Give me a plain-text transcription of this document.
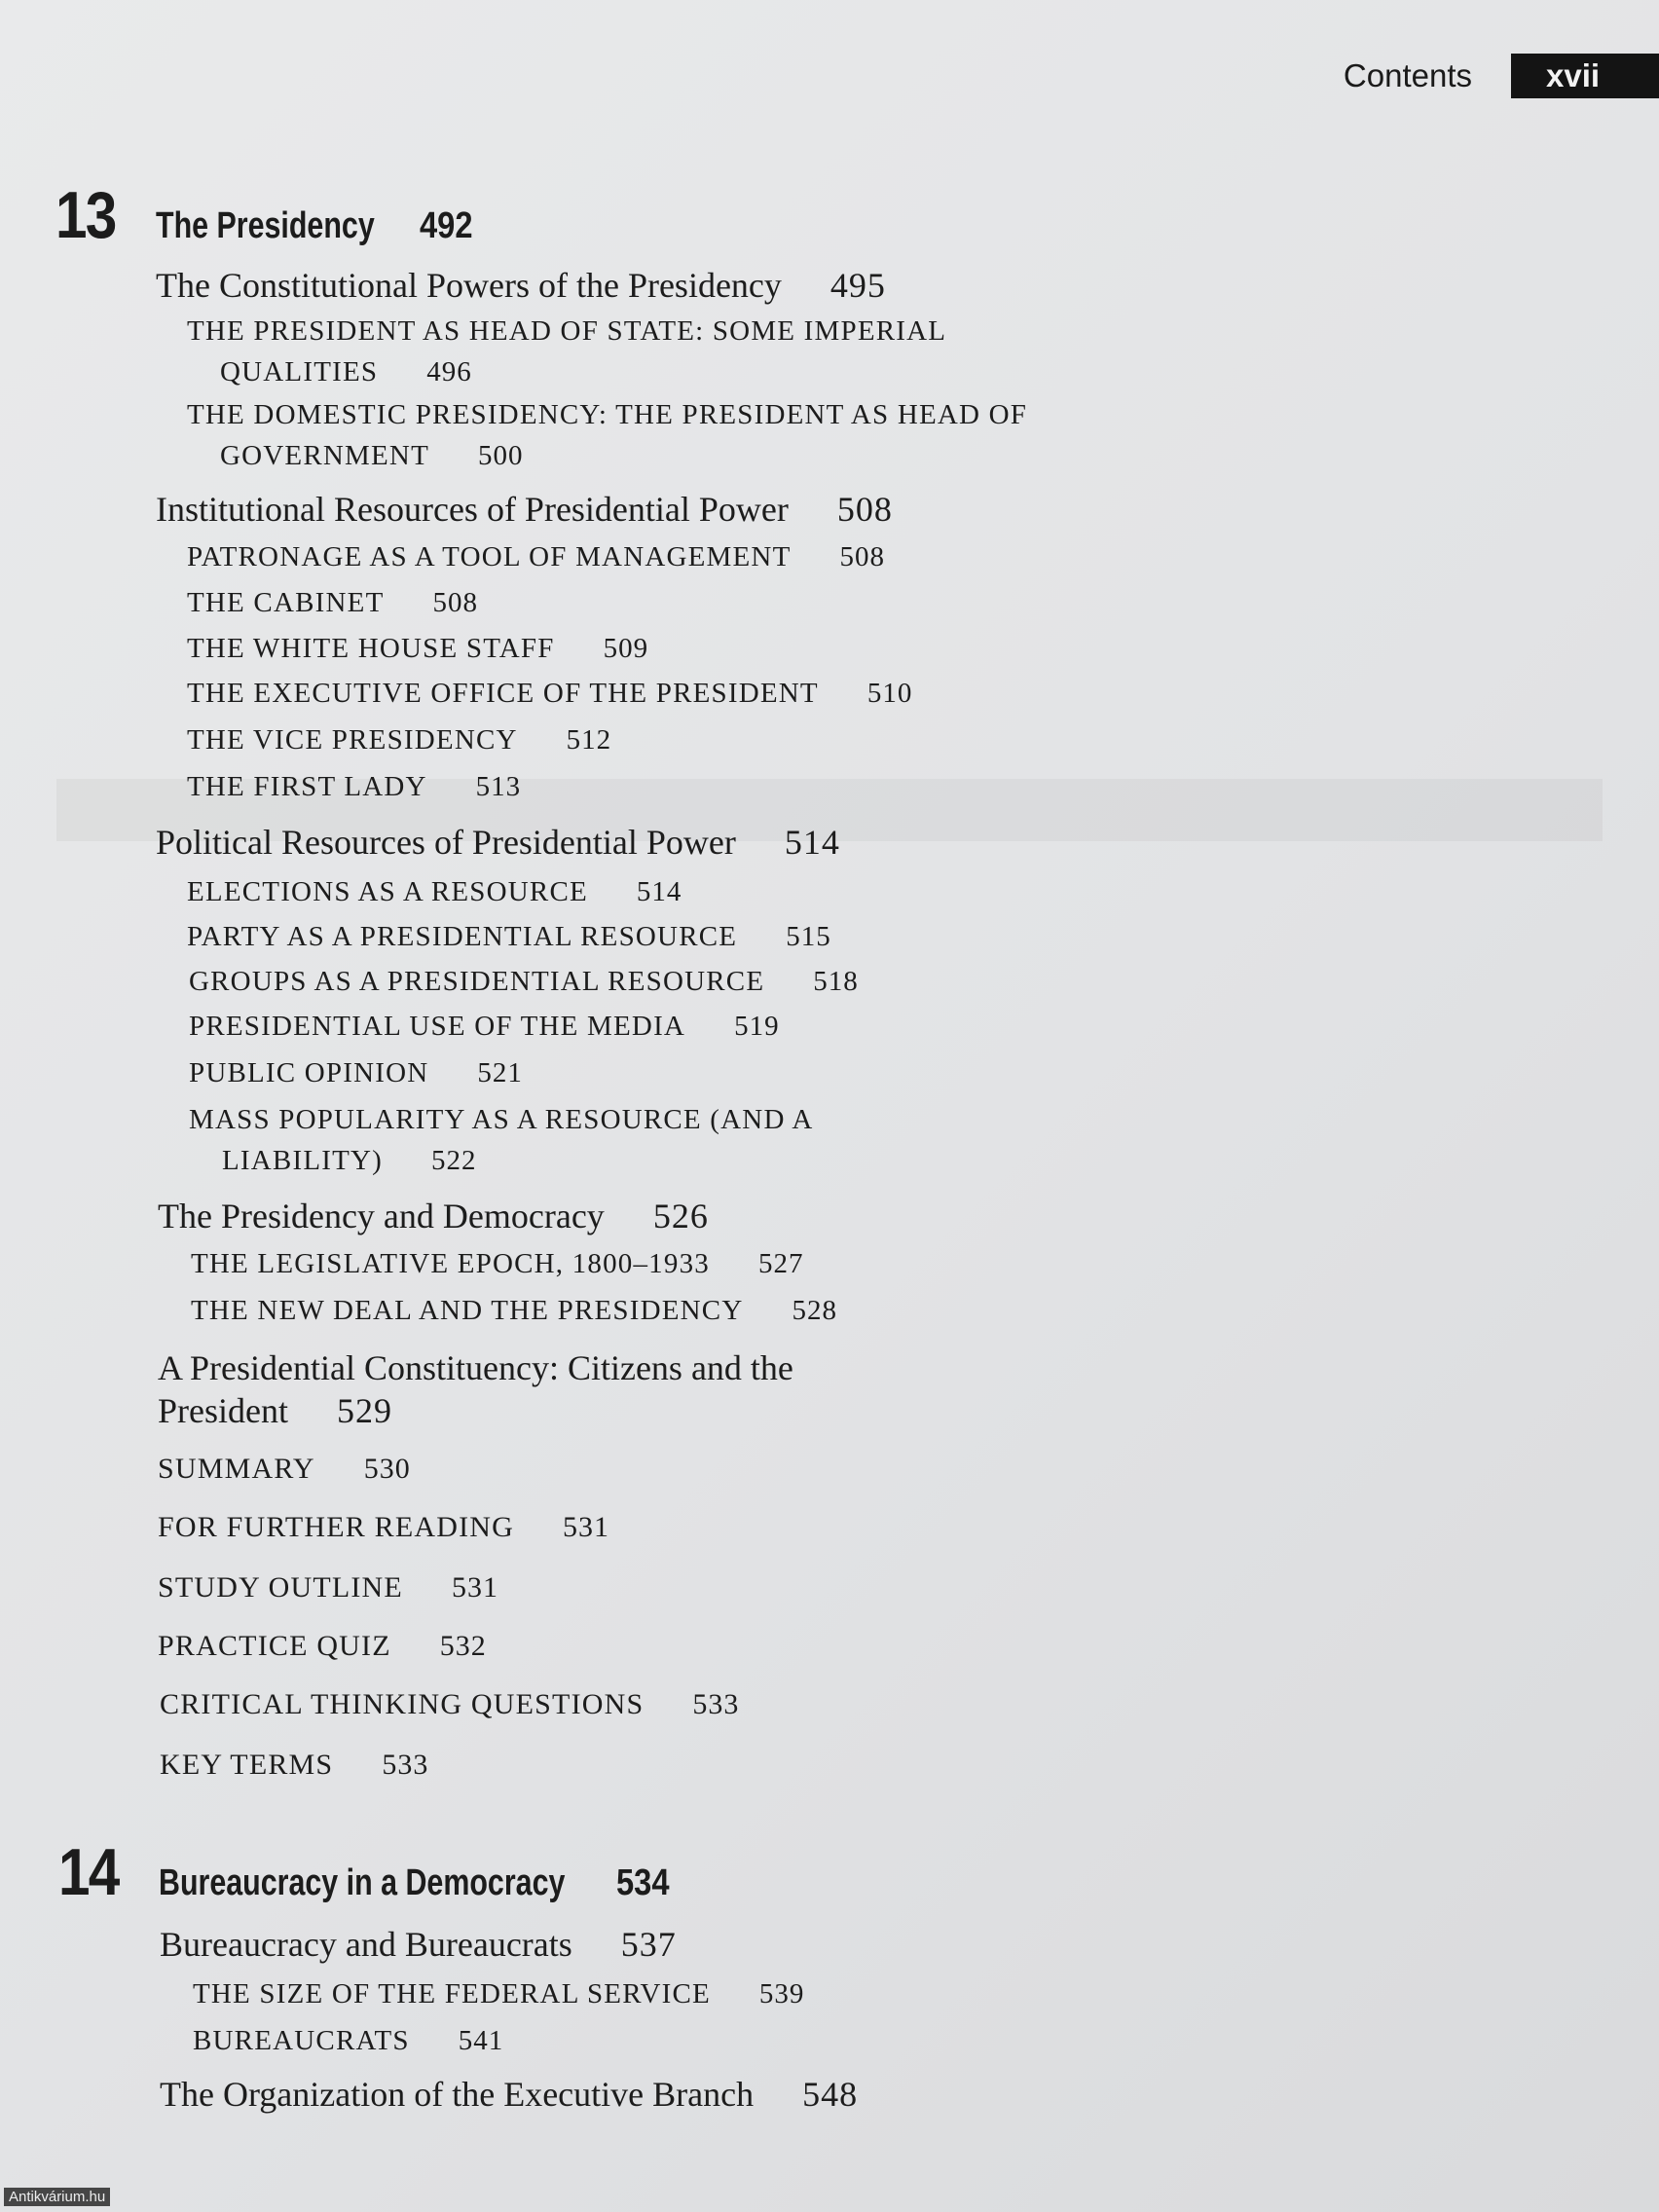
Contents	xvii
13	The Presidency 492
The Constitutional Powers of the Presidency 495
THE PRESIDENT AS HEAD OF STATE: SOME IMPERIAL
QUALITIES 496
THE DOMESTIC PRESIDENCY: THE PRESIDENT AS HEAD OF
GOVERNMENT 500
Institutional Resources of Presidential Power 508
PATRONAGE AS A TOOL OF MANAGEMENT 508
THE CABINET 508
THE WHITE HOUSE STAFF 509
THE EXECUTIVE OFFICE OF THE PRESIDENT 510
THE VICE PRESIDENCY 512
THE FIRST LADY 513
Political Resources of Presidential Power 514
ELECTIONS AS A RESOURCE 514
PARTY AS A PRESIDENTIAL RESOURCE 515
GROUPS AS A PRESIDENTIAL RESOURCE 518
PRESIDENTIAL USE OF THE MEDIA 519
PUBLIC OPINION 521
MASS POPULARITY AS A RESOURCE (AND A
LIABILITY) 522
The Presidency and Democracy 526
THE LEGISLATIVE EPOCH, 1800–1933 527
THE NEW DEAL AND THE PRESIDENCY 528
A Presidential Constituency: Citizens and the
President 529
SUMMARY 530
FOR FURTHER READING 531
STUDY OUTLINE 531
PRACTICE QUIZ 532
CRITICAL THINKING QUESTIONS 533
KEY TERMS 533
14	Bureaucracy in a Democracy 534
Bureaucracy and Bureaucrats 537
THE SIZE OF THE FEDERAL SERVICE 539
BUREAUCRATS 541
The Organization of the Executive Branch 548
Antikvárium.hu
